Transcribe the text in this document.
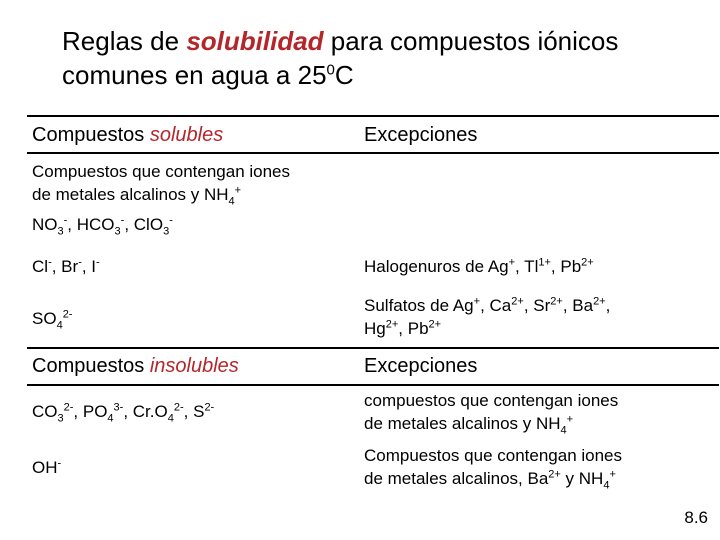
Reglas de solubilidad para compuestos iónicos
comunes en agua a $25^0C$
Compuestos solubles	Excepciones
Compuestos que contengan iones
de metales alcalinos y $NH_4^+$
$NO_3^-$, $HCO_3^-$, ClO$_3$-
Cl-, Br-, I-	Halogenuros de Ag+, $Tl^{1+}$, $Pb^{2+}$
$SO_4^{2-}$	Sulfatos de Ag+, $Ca^{2+}$, $Sr^{2+}$, $Ba^{2+}$,
$Hg^{2+}$, $Pb^{2+}$
Compuestos insolubles	Excepciones
$CO_3^{2-}$, $PO_4^{3-}$, $Cr.O_4^{2-}$, $S^{2-}$	compuestos que contengan iones
de metales alcalinos y $NH_4^+$
OH-	Compuestos que contengan iones
de metales alcalinos, $Ba^{2+}$ y $NH_4^+$
8.6
